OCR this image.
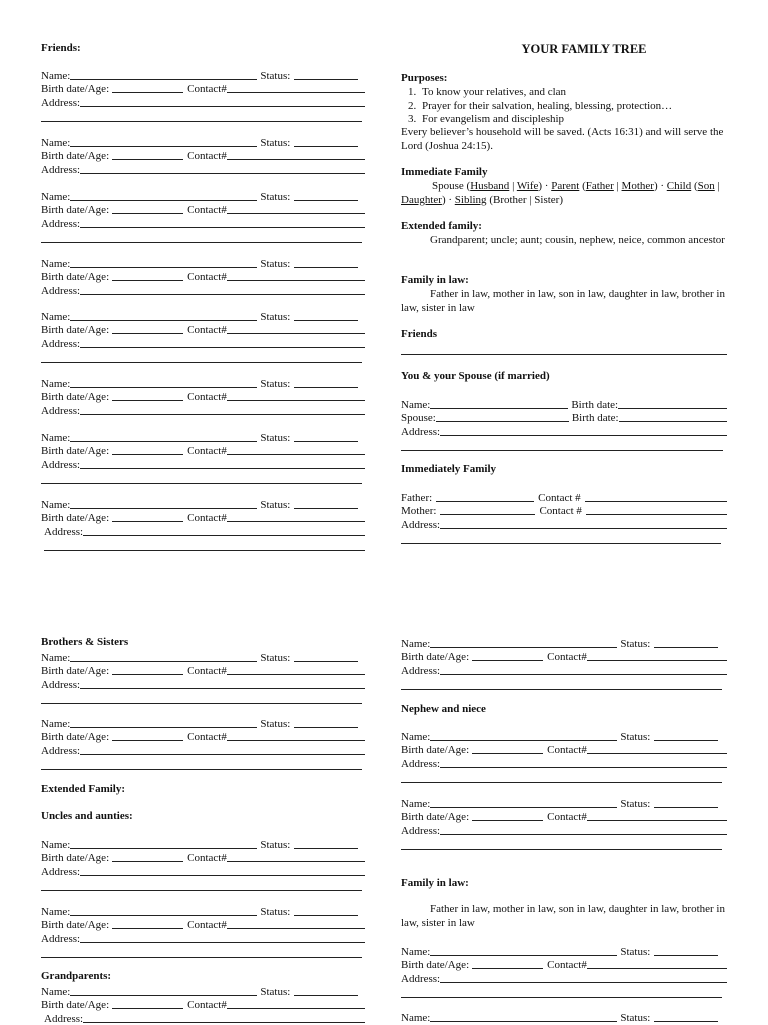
Friends:
Name:	Status:
Birth date/Age:	Contact#
Address:
Name:	Status:
Birth date/Age:	Contact#
Address:
Name:	Status:
Birth date/Age:	Contact#
Address:
Name:	Status:
Birth date/Age:	Contact#
Address:
Name:	Status:
Birth date/Age:	Contact#
Address:
Name:	Status:
Birth date/Age:	Contact#
Address:
Name:	Status:
Birth date/Age:	Contact#
Address:
Name:	Status:
Birth date/Age:	Contact#
Address:
Brothers & Sisters
Name:	Status:
Birth date/Age:	Contact#
Address:
Name:	Status:
Birth date/Age:	Contact#
Address:
Extended Family:
Uncles and aunties:
Name:	Status:
Birth date/Age:	Contact#
Address:
Name:	Status:
Birth date/Age:	Contact#
Address:
Grandparents:
Name:	Status:
Birth date/Age:	Contact#
Address:
YOUR FAMILY TREE
Purposes:
1. To know your relatives, and clan
2. Prayer for their salvation, healing, blessing, protection…
3. For evangelism and discipleship
Every believer’s household will be saved. (Acts 16:31) and will serve the Lord (Joshua 24:15).
Immediate Family
Spouse (Husband | Wife) · Parent (Father | Mother) · Child (Son | Daughter) · Sibling (Brother | Sister)
Extended family:
Grandparent; uncle; aunt; cousin, nephew, neice, common ancestor
Family in law:
Father in law, mother in law, son in law, daughter in law, brother in law, sister in law
Friends
You & your Spouse (if married)
Name:	Birth date:
Spouse:	Birth date:
Address:
Immediately Family
Father:	Contact #
Mother:	Contact #
Address:
Name:	Status:
Birth date/Age:	Contact#
Address:
Nephew and niece
Name:	Status:
Birth date/Age:	Contact#
Address:
Name:	Status:
Birth date/Age:	Contact#
Address:
Family in law:
Father in law, mother in law, son in law, daughter in law, brother in law, sister in law
Name:	Status:
Birth date/Age:	Contact#
Address:
Name:	Status:
